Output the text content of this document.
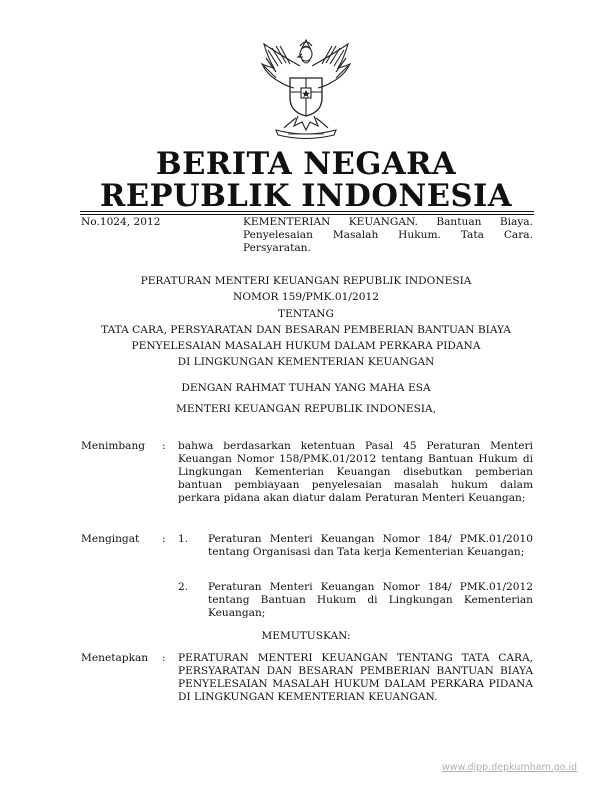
BERITA NEGARA
REPUBLIK INDONESIA
No.1024, 2012	KEMENTERIAN KEUANGAN. Bantuan Biaya. Penyelesaian Masalah Hukum. Tata Cara. Persyaratan.
PERATURAN MENTERI KEUANGAN REPUBLIK INDONESIA
NOMOR 159/PMK.01/2012
TENTANG
TATA CARA, PERSYARATAN DAN BESARAN PEMBERIAN BANTUAN BIAYA
PENYELESAIAN MASALAH HUKUM DALAM PERKARA PIDANA
DI LINGKUNGAN KEMENTERIAN KEUANGAN
DENGAN RAHMAT TUHAN YANG MAHA ESA
MENTERI KEUANGAN REPUBLIK INDONESIA,
Menimbang : bahwa berdasarkan ketentuan Pasal 45 Peraturan Menteri Keuangan Nomor 158/PMK.01/2012 tentang Bantuan Hukum di Lingkungan Kementerian Keuangan disebutkan pemberian bantuan pembiayaan penyelesaian masalah hukum dalam perkara pidana akan diatur dalam Peraturan Menteri Keuangan;
Mengingat : 1. Peraturan Menteri Keuangan Nomor 184/ PMK.01/2010 tentang Organisasi dan Tata kerja Kementerian Keuangan;
2. Peraturan Menteri Keuangan Nomor 184/ PMK.01/2012 tentang Bantuan Hukum di Lingkungan Kementerian Keuangan;
MEMUTUSKAN:
Menetapkan : PERATURAN MENTERI KEUANGAN TENTANG TATA CARA, PERSYARATAN DAN BESARAN PEMBERIAN BANTUAN BIAYA PENYELESAIAN MASALAH HUKUM DALAM PERKARA PIDANA DI LINGKUNGAN KEMENTERIAN KEUANGAN.
www.djpp.depkumham.go.id
